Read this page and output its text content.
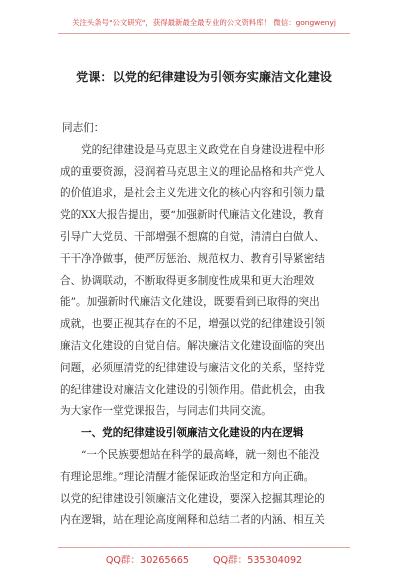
关注头条号"公文研究"，获得最新最全最专业的公文资料库！ 微信：gongwenyj
党课：以党的纪律建设为引领夯实廉洁文化建设
同志们：
党的纪律建设是马克思主义政党在自身建设进程中形
成的重要资源，浸润着马克思主义的理论品格和共产党人
的价值追求，是社会主义先进文化的核心内容和引领力量
党的XX大报告提出，要“加强新时代廉洁文化建设，教育
引导广大党员、干部增强不想腐的自觉，清清白白做人、
干干净净做事，使严厉惩治、规范权力、教育引导紧密结
合、协调联动，不断取得更多制度性成果和更大治理效
能”。加强新时代廉洁文化建设，既要看到已取得的突出
成就，也要正视其存在的不足，增强以党的纪律建设引领
廉洁文化建设的自觉自信。解决廉洁文化建设面临的突出
问题，必须厘清党的纪律建设与廉洁文化的关系，坚持党
的纪律建设对廉洁文化建设的引领作用。借此机会，由我
为大家作一堂党课报告，与同志们共同交流。
一、党的纪律建设引领廉洁文化建设的内在逻辑
“一个民族要想站在科学的最高峰，就一刻也不能没
有理论思维。”理论清醒才能保证政治坚定和方向正确。
以党的纪律建设引领廉洁文化建设，要深入挖掘其理论的
内在逻辑，站在理论高度阐释和总结二者的内涵、相互关
QQ群：30265665	QQ群：535304092
